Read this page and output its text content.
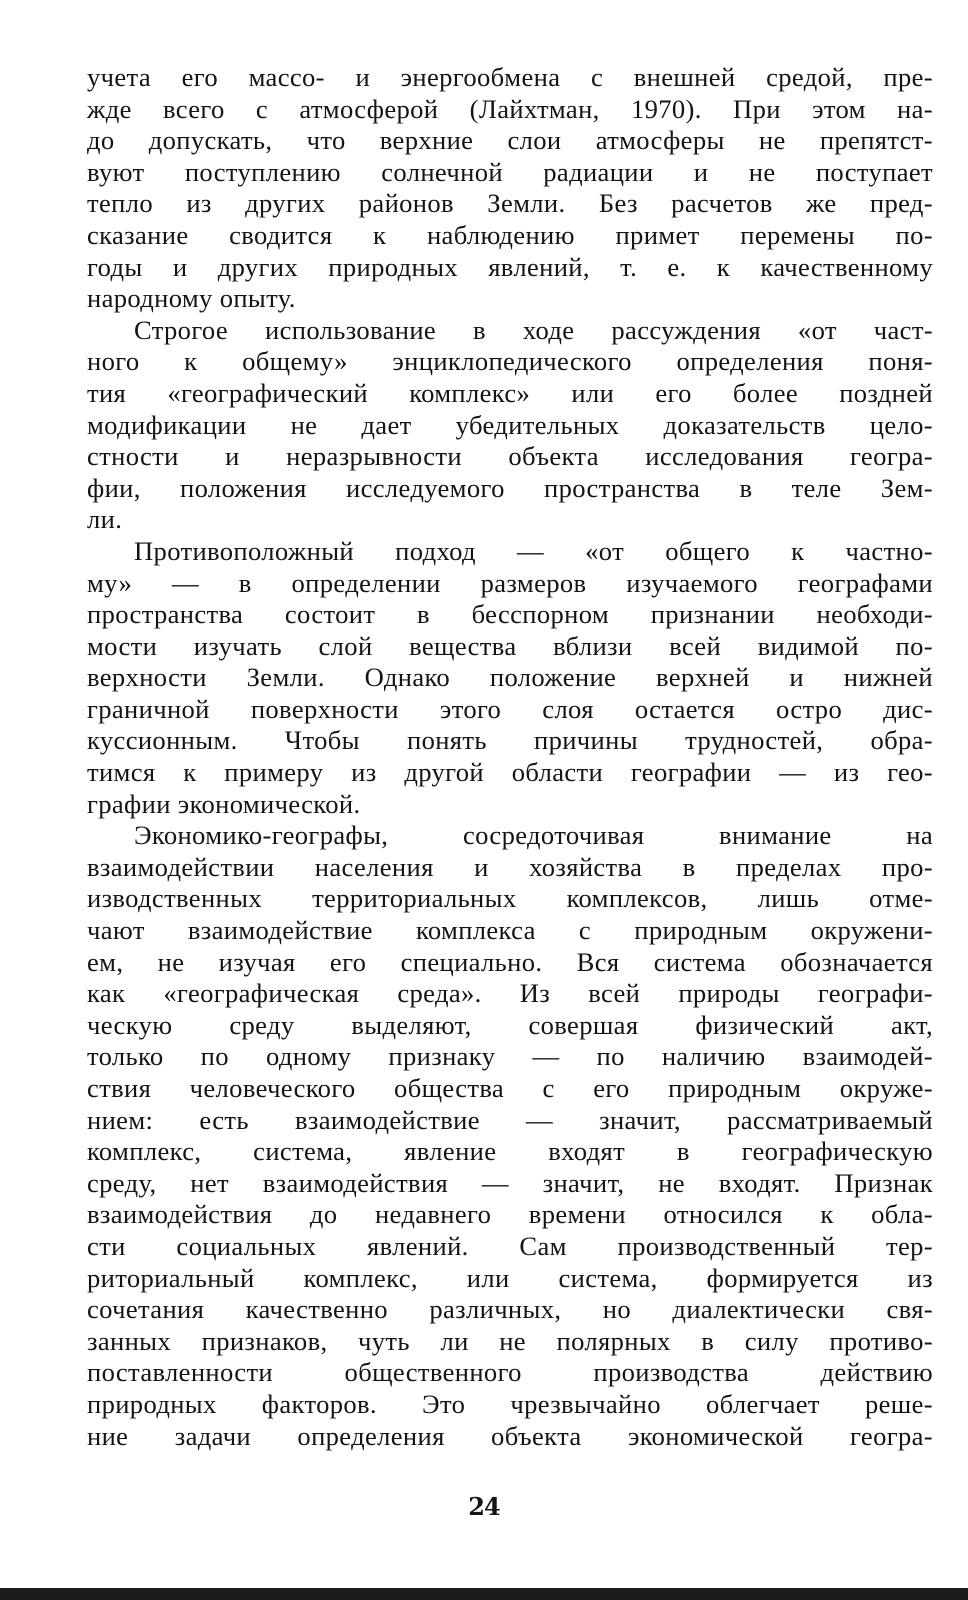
учета его массо- и энергообмена с внешней средой, пре-
жде всего с атмосферой (Лайхтман, 1970). При этом на-
до допускать, что верхние слои атмосферы не препятст-
вуют поступлению солнечной радиации и не поступает
тепло из других районов Земли. Без расчетов же пред-
сказание сводится к наблюдению примет перемены по-
годы и других природных явлений, т. е. к качественному
народному опыту.
Строгое использование в ходе рассуждения «от част-
ного к общему» энциклопедического определения поня-
тия «географический комплекс» или его более поздней
модификации не дает убедительных доказательств цело-
стности и неразрывности объекта исследования геогра-
фии, положения исследуемого пространства в теле Зем-
ли.
Противоположный подход — «от общего к частно-
му» — в определении размеров изучаемого географами
пространства состоит в бесспорном признании необходи-
мости изучать слой вещества вблизи всей видимой по-
верхности Земли. Однако положение верхней и нижней
граничной поверхности этого слоя остается остро дис-
куссионным. Чтобы понять причины трудностей, обра-
тимся к примеру из другой области географии — из гео-
графии экономической.
Экономико-географы, сосредоточивая внимание на
взаимодействии населения и хозяйства в пределах про-
изводственных территориальных комплексов, лишь отме-
чают взаимодействие комплекса с природным окружени-
ем, не изучая его специально. Вся система обозначается
как «географическая среда». Из всей природы географи-
ческую среду выделяют, совершая физический акт,
только по одному признаку — по наличию взаимодей-
ствия человеческого общества с его природным окруже-
нием: есть взаимодействие — значит, рассматриваемый
комплекс, система, явление входят в географическую
среду, нет взаимодействия — значит, не входят. Признак
взаимодействия до недавнего времени относился к обла-
сти социальных явлений. Сам производственный тер-
риториальный комплекс, или система, формируется из
сочетания качественно различных, но диалектически свя-
занных признаков, чуть ли не полярных в силу противо-
поставленности общественного производства действию
природных факторов. Это чрезвычайно облегчает реше-
ние задачи определения объекта экономической геогра-
24
